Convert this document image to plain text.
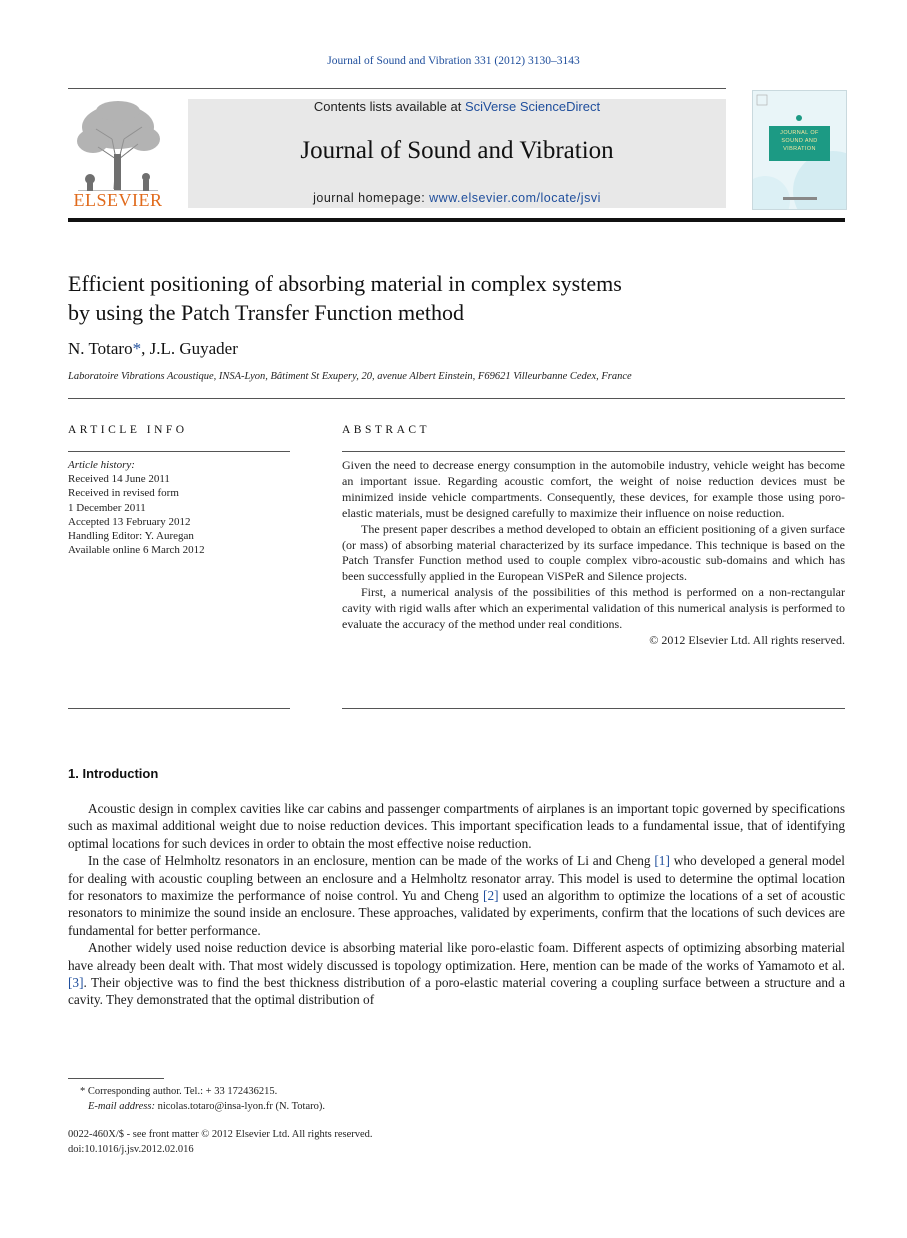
Journal of Sound and Vibration 331 (2012) 3130–3143
ELSEVIER
Contents lists available at SciVerse ScienceDirect
Journal of Sound and Vibration
journal homepage: www.elsevier.com/locate/jsvi
JOURNAL OF
SOUND AND
VIBRATION
Efficient positioning of absorbing material in complex systems
by using the Patch Transfer Function method
N. Totaro*, J.L. Guyader
Laboratoire Vibrations Acoustique, INSA-Lyon, Bâtiment St Exupery, 20, avenue Albert Einstein, F69621 Villeurbanne Cedex, France
ARTICLE INFO	ABSTRACT
Article history:
Received 14 June 2011
Received in revised form
1 December 2011
Accepted 13 February 2012
Handling Editor: Y. Auregan
Available online 6 March 2012

Given the need to decrease energy consumption in the automobile industry, vehicle weight has become an important issue. Regarding acoustic comfort, the weight of noise reduction devices must be minimized inside vehicle compartments. Consequently, these devices, for example those using poro-elastic materials, must be designed carefully to maximize their influence on noise reduction.

The present paper describes a method developed to obtain an efficient positioning of a given surface (or mass) of absorbing material characterized by its surface impedance. This technique is based on the Patch Transfer Function method used to couple complex vibro-acoustic sub-domains and which has been successfully applied in the European ViSPeR and Silence projects.

First, a numerical analysis of the possibilities of this method is performed on a non-rectangular cavity with rigid walls after which an experimental validation of this numerical analysis is performed to evaluate the accuracy of the method under real conditions.

© 2012 Elsevier Ltd. All rights reserved.

1. Introduction

Acoustic design in complex cavities like car cabins and passenger compartments of airplanes is an important topic governed by specifications such as maximal additional weight due to noise reduction devices. This important specification leads to a fundamental issue, that of identifying optimal locations for such devices in order to obtain the most effective noise reduction.

In the case of Helmholtz resonators in an enclosure, mention can be made of the works of Li and Cheng [1] who developed a general model for dealing with acoustic coupling between an enclosure and a Helmholtz resonator array. This model is used to determine the optimal location for resonators to maximize the performance of noise control. Yu and Cheng [2] used an algorithm to optimize the locations of a set of acoustic resonators to minimize the sound inside an enclosure. These approaches, validated by experiments, confirm that the locations of such devices are fundamental for better performance.

Another widely used noise reduction device is absorbing material like poro-elastic foam. Different aspects of optimizing absorbing material have already been dealt with. That most widely discussed is topology optimization. Here, mention can be made of the works of Yamamoto et al. [3]. Their objective was to find the best thickness distribution of a poro-elastic material covering a coupling surface between a structure and a cavity. They demonstrated that the optimal distribution of

* Corresponding author. Tel.: + 33 172436215.
E-mail address: nicolas.totaro@insa-lyon.fr (N. Totaro).
0022-460X/$ - see front matter © 2012 Elsevier Ltd. All rights reserved.
doi:10.1016/j.jsv.2012.02.016
